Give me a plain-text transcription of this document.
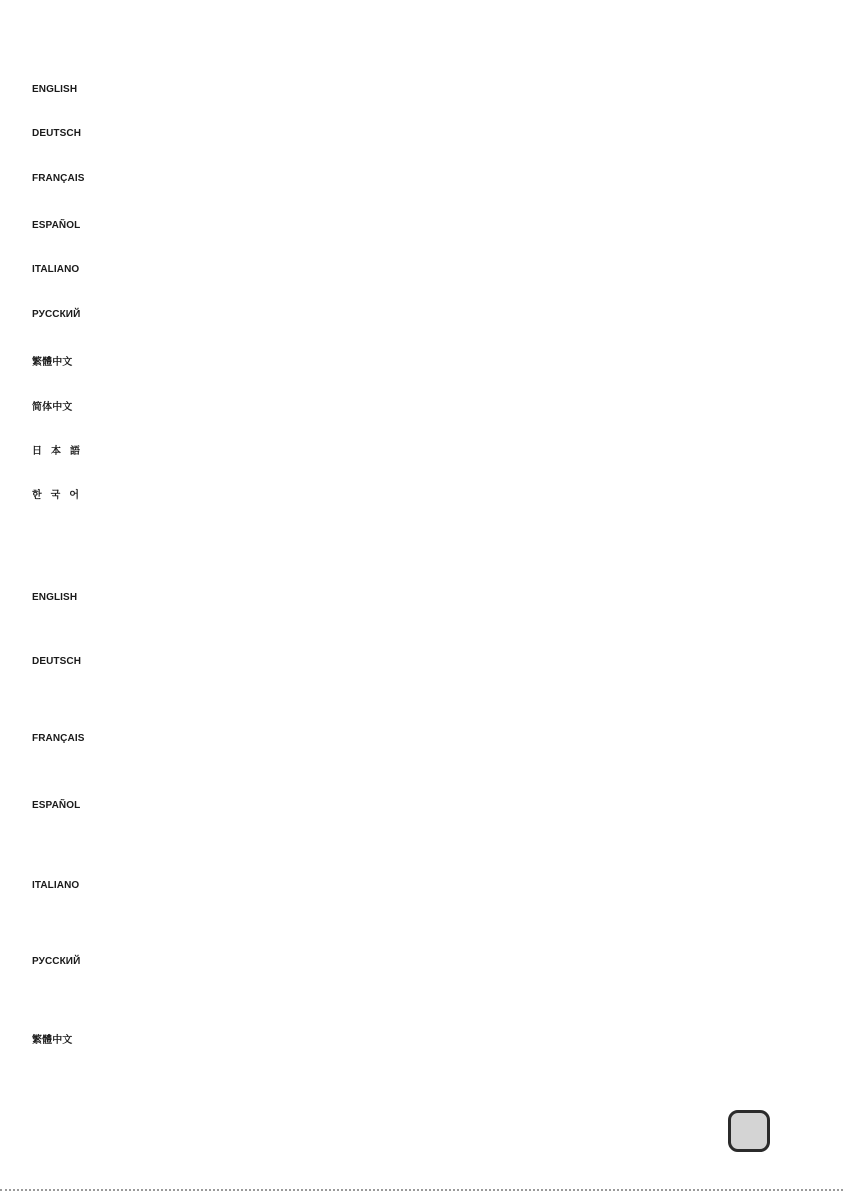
ENGLISH
DEUTSCH
FRANÇAIS
ESPAÑOL
ITALIANO
РУССКИЙ
繁體中文
简体中文
日本語
한국어
ENGLISH
DEUTSCH
FRANÇAIS
ESPAÑOL
ITALIANO
РУССКИЙ
繁體中文
